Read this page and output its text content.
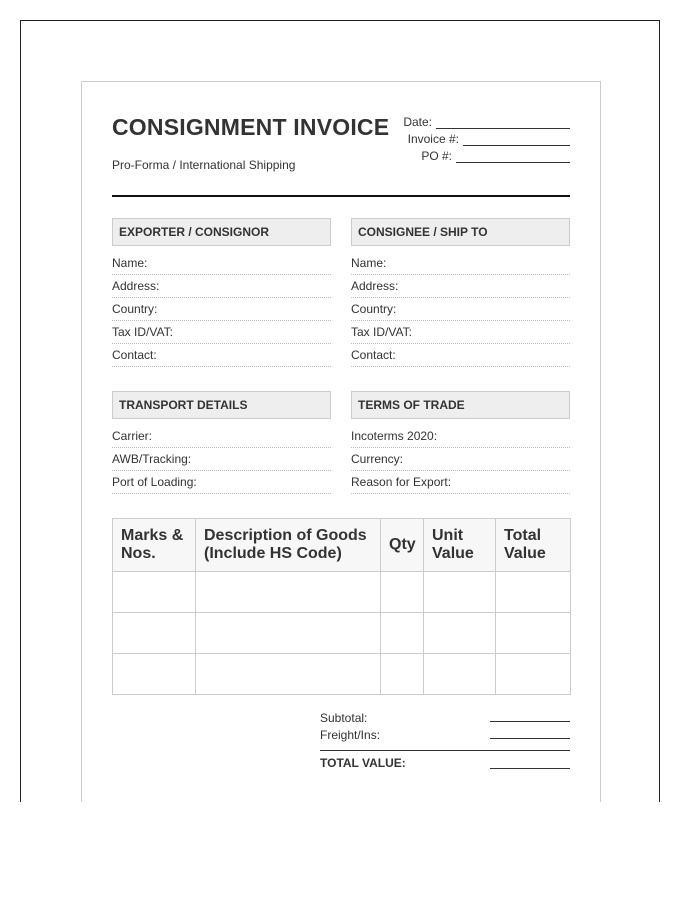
CONSIGNMENT INVOICE
Pro-Forma / International Shipping
Date:
Invoice #:
PO #:
EXPORTER / CONSIGNOR
Name:
Address:
Country:
Tax ID/VAT:
Contact:
CONSIGNEE / SHIP TO
Name:
Address:
Country:
Tax ID/VAT:
Contact:
TRANSPORT DETAILS
Carrier:
AWB/Tracking:
Port of Loading:
TERMS OF TRADE
Incoterms 2020:
Currency:
Reason for Export:
Marks & Nos.	Description of Goods (Include HS Code)	Qty	Unit Value	Total Value

Subtotal:
Freight/Ins:
TOTAL VALUE:
